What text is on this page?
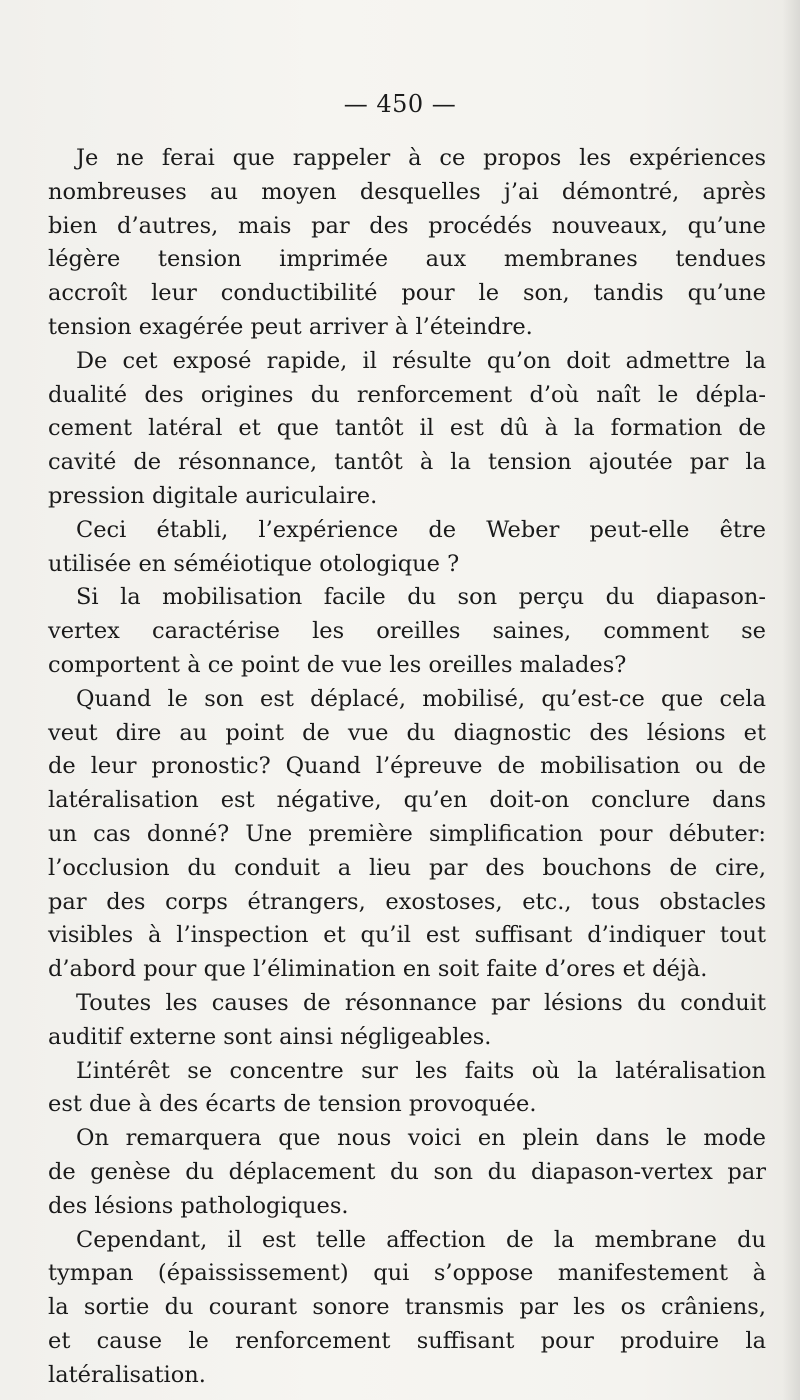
— 450 —
Je ne ferai que rappeler à ce propos les expériences
nombreuses au moyen desquelles j’ai démontré, après
bien d’autres, mais par des procédés nouveaux, qu’une
légère tension imprimée aux membranes tendues
accroît leur conductibilité pour le son, tandis qu’une
tension exagérée peut arriver à l’éteindre.
De cet exposé rapide, il résulte qu’on doit admettre la
dualité des origines du renforcement d’où naît le dépla-
cement latéral et que tantôt il est dû à la formation de
cavité de résonnance, tantôt à la tension ajoutée par la
pression digitale auriculaire.
Ceci établi, l’expérience de Weber peut-elle être
utilisée en séméiotique otologique ?
Si la mobilisation facile du son perçu du diapason-
vertex caractérise les oreilles saines, comment se
comportent à ce point de vue les oreilles malades?
Quand le son est déplacé, mobilisé, qu’est-ce que cela
veut dire au point de vue du diagnostic des lésions et
de leur pronostic? Quand l’épreuve de mobilisation ou de
latéralisation est négative, qu’en doit-on conclure dans
un cas donné? Une première simplification pour débuter:
l’occlusion du conduit a lieu par des bouchons de cire,
par des corps étrangers, exostoses, etc., tous obstacles
visibles à l’inspection et qu’il est suffisant d’indiquer tout
d’abord pour que l’élimination en soit faite d’ores et déjà.
Toutes les causes de résonnance par lésions du conduit
auditif externe sont ainsi négligeables.
L’intérêt se concentre sur les faits où la latéralisation
est due à des écarts de tension provoquée.
On remarquera que nous voici en plein dans le mode
de genèse du déplacement du son du diapason-vertex par
des lésions pathologiques.
Cependant, il est telle affection de la membrane du
tympan (épaississement) qui s’oppose manifestement à
la sortie du courant sonore transmis par les os crâniens,
et cause le renforcement suffisant pour produire la
latéralisation.
